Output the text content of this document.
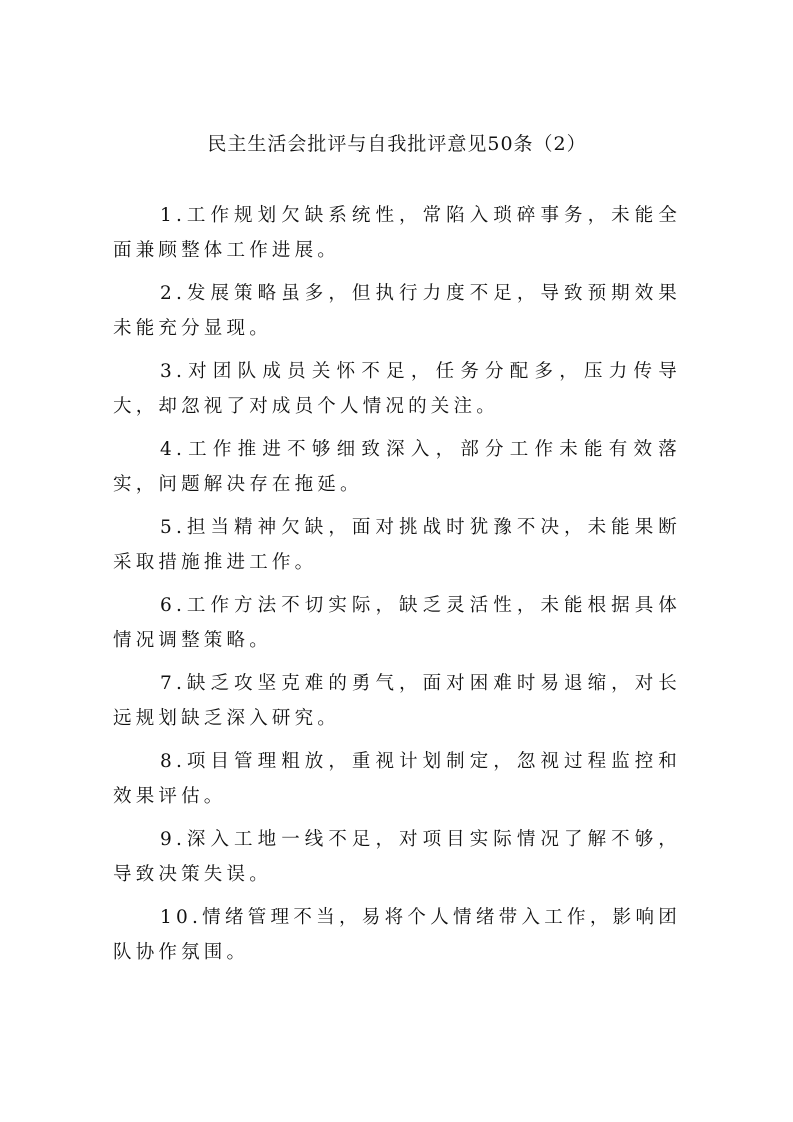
民主生活会批评与自我批评意见50条（2）

1.工作规划欠缺系统性，常陷入琐碎事务，未能全面兼顾整体工作进展。

2.发展策略虽多，但执行力度不足，导致预期效果未能充分显现。

3.对团队成员关怀不足，任务分配多，压力传导大，却忽视了对成员个人情况的关注。

4.工作推进不够细致深入，部分工作未能有效落实，问题解决存在拖延。

5.担当精神欠缺，面对挑战时犹豫不决，未能果断采取措施推进工作。

6.工作方法不切实际，缺乏灵活性，未能根据具体情况调整策略。

7.缺乏攻坚克难的勇气，面对困难时易退缩，对长远规划缺乏深入研究。

8.项目管理粗放，重视计划制定，忽视过程监控和效果评估。

9.深入工地一线不足，对项目实际情况了解不够，导致决策失误。

10.情绪管理不当，易将个人情绪带入工作，影响团队协作氛围。
